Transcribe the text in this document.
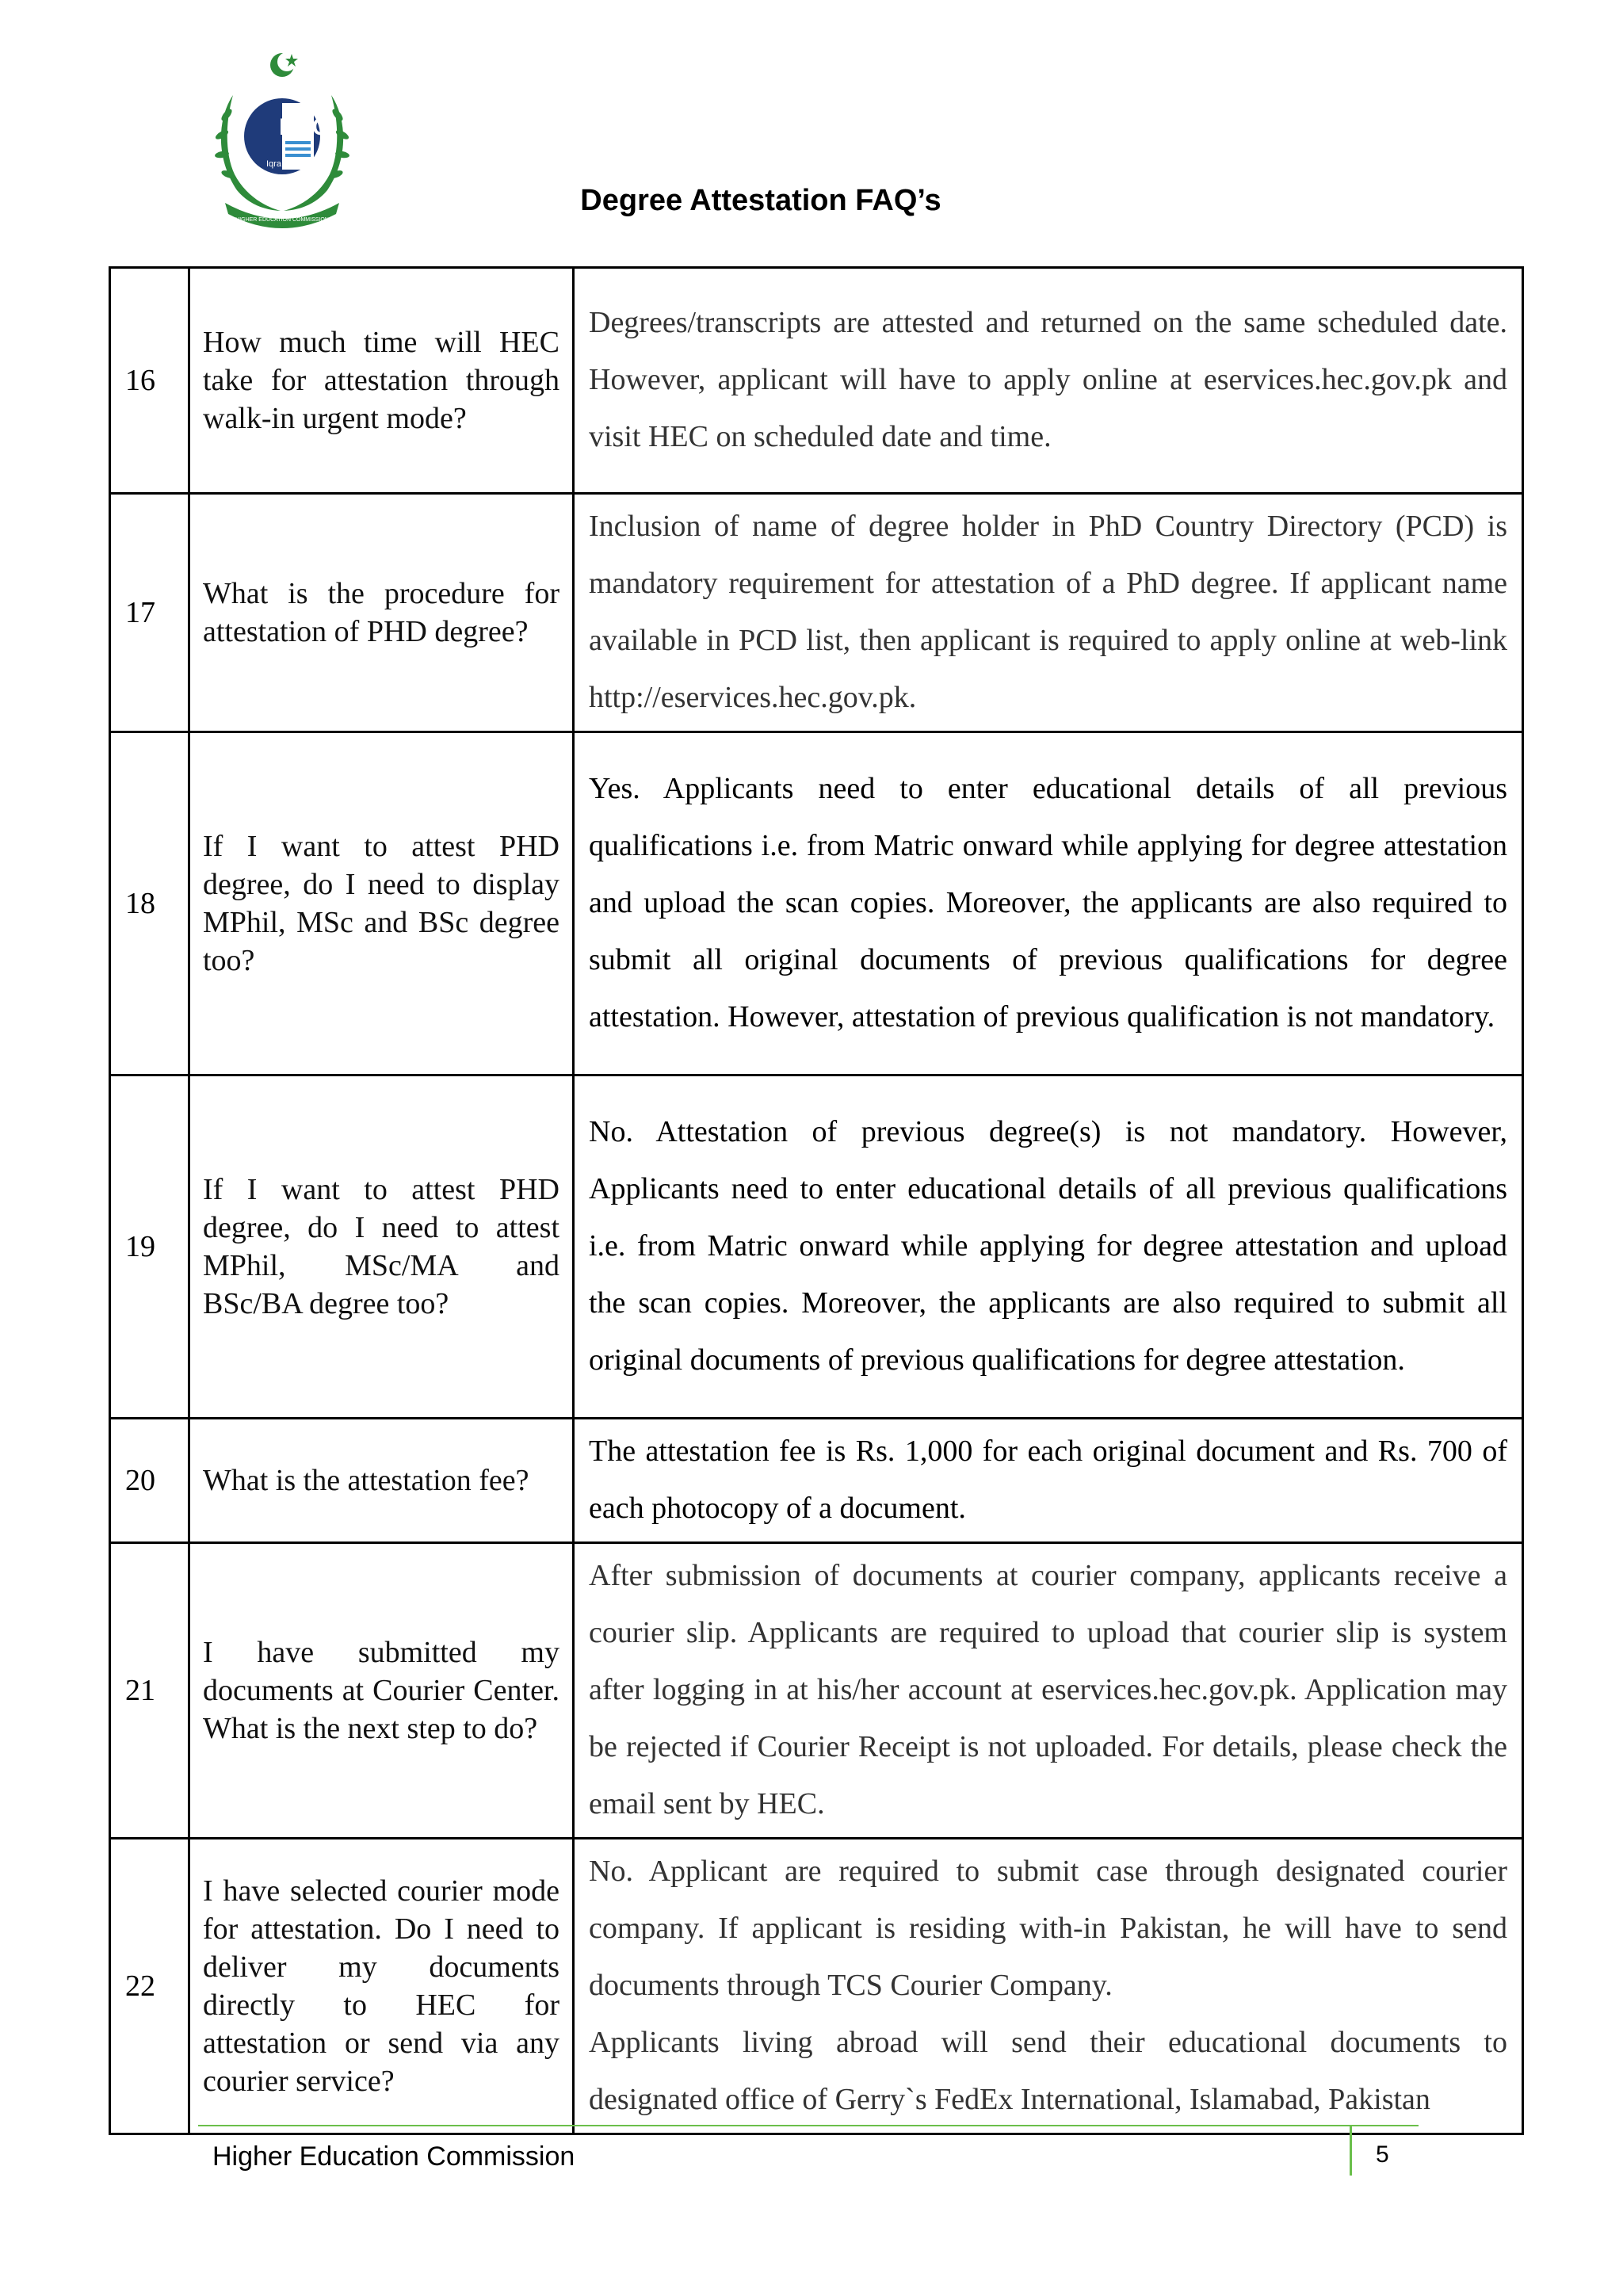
HEC
Iqra
HIGHER EDUCATION COMMISSION
Degree Attestation FAQ’s
16	How much time will HEC take for attestation through walk-in urgent mode?	Degrees/transcripts are attested and returned on the same scheduled date. However, applicant will have to apply online at eservices.hec.gov.pk and visit HEC on scheduled date and time.

17	What is the procedure for attestation of PHD degree?	Inclusion of name of degree holder in PhD Country Directory (PCD) is mandatory requirement for attestation of a PhD degree. If applicant name available in PCD list, then applicant is required to apply online at web-link http://eservices.hec.gov.pk.

18	If I want to attest PHD degree, do I need to display MPhil, MSc and BSc degree too?	Yes. Applicants need to enter educational details of all previous qualifications i.e. from Matric onward while applying for degree attestation and upload the scan copies. Moreover, the applicants are also required to submit all original documents of previous qualifications for degree attestation. However, attestation of previous qualification is not mandatory.

19	If I want to attest PHD degree, do I need to attest MPhil, MSc/MA and BSc/BA degree too?	No. Attestation of previous degree(s) is not mandatory. However, Applicants need to enter educational details of all previous qualifications i.e. from Matric onward while applying for degree attestation and upload the scan copies. Moreover, the applicants are also required to submit all original documents of previous qualifications for degree attestation.

20	What is the attestation fee?	The attestation fee is Rs. 1,000 for each original document and Rs. 700 of each photocopy of a document.

21	I have submitted my documents at Courier Center. What is the next step to do?	After submission of documents at courier company, applicants receive a courier slip. Applicants are required to upload that courier slip is system after logging in at his/her account at eservices.hec.gov.pk. Application may be rejected if Courier Receipt is not uploaded. For details, please check the email sent by HEC.

22	I have selected courier mode for attestation. Do I need to deliver my documents directly to HEC for attestation or send via any courier service?	No. Applicant are required to submit case through designated courier company. If applicant is residing with-in Pakistan, he will have to send documents through TCS Courier Company.

Applicants living abroad will send their educational documents to designated office of Gerry`s FedEx International, Islamabad, Pakistan

Higher Education Commission	5
